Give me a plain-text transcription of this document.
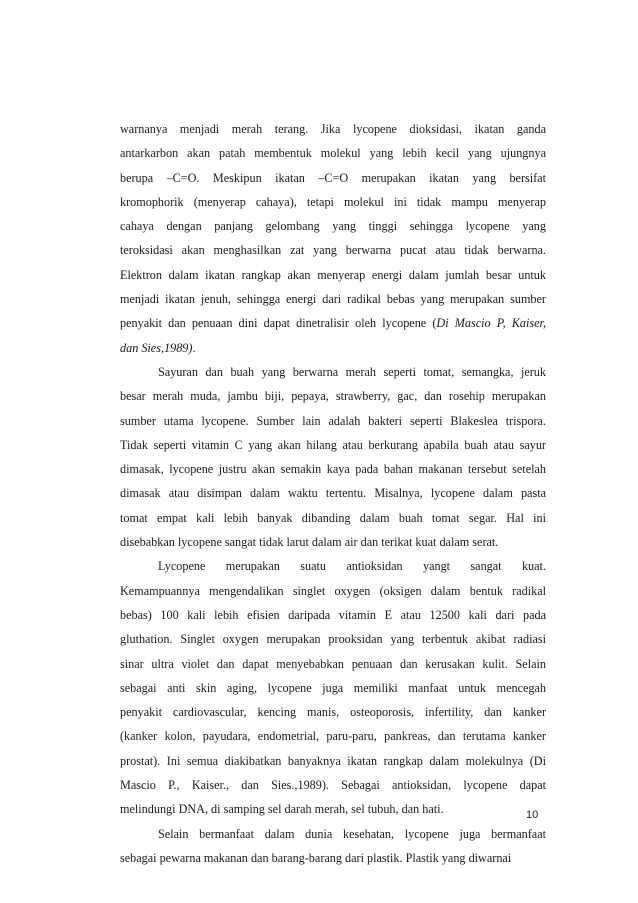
warnanya menjadi merah terang. Jika lycopene dioksidasi, ikatan ganda
antarkarbon akan patah membentuk molekul yang lebih kecil yang ujungnya
berupa –C=O. Meskipun ikatan –C=O merupakan ikatan yang bersifat
kromophorik (menyerap cahaya), tetapi molekul ini tidak mampu menyerap
cahaya dengan panjang gelombang yang tinggi sehingga lycopene yang
teroksidasi akan menghasilkan zat yang berwarna pucat atau tidak berwarna.
Elektron dalam ikatan rangkap akan menyerap energi dalam jumlah besar untuk
menjadi ikatan jenuh, sehingga energi dari radikal bebas yang merupakan sumber
penyakit dan penuaan dini dapat dinetralisir oleh lycopene (Di Mascio P, Kaiser,
dan Sies,1989).
Sayuran dan buah yang berwarna merah seperti tomat, semangka, jeruk
besar merah muda, jambu biji, pepaya, strawberry, gac, dan rosehip merupakan
sumber utama lycopene. Sumber lain adalah bakteri seperti Blakeslea trispora.
Tidak seperti vitamin C yang akan hilang atau berkurang apabila buah atau sayur
dimasak, lycopene justru akan semakin kaya pada bahan makanan tersebut setelah
dimasak atau disimpan dalam waktu tertentu. Misalnya, lycopene dalam pasta
tomat empat kali lebih banyak dibanding dalam buah tomat segar. Hal ini
disebabkan lycopene sangat tidak larut dalam air dan terikat kuat dalam serat.
Lycopene merupakan suatu antioksidan yangt sangat kuat.
Kemampuannya mengendalikan singlet oxygen (oksigen dalam bentuk radikal
bebas) 100 kali lebih efisien daripada vitamin E atau 12500 kali dari pada
gluthation. Singlet oxygen merupakan prooksidan yang terbentuk akibat radiasi
sinar ultra violet dan dapat menyebabkan penuaan dan kerusakan kulit. Selain
sebagai anti skin aging, lycopene juga memiliki manfaat untuk mencegah
penyakit cardiovascular, kencing manis, osteoporosis, infertility, dan kanker
(kanker kolon, payudara, endometrial, paru-paru, pankreas, dan terutama kanker
prostat). Ini semua diakibatkan banyaknya ikatan rangkap dalam molekulnya (Di
Mascio P., Kaiser., dan Sies.,1989). Sebagai antioksidan, lycopene dapat
melindungi DNA, di samping sel darah merah, sel tubuh, dan hati.
Selain bermanfaat dalam dunia kesehatan, lycopene juga bermanfaat
sebagai pewarna makanan dan barang-barang dari plastik. Plastik yang diwarnai
10
